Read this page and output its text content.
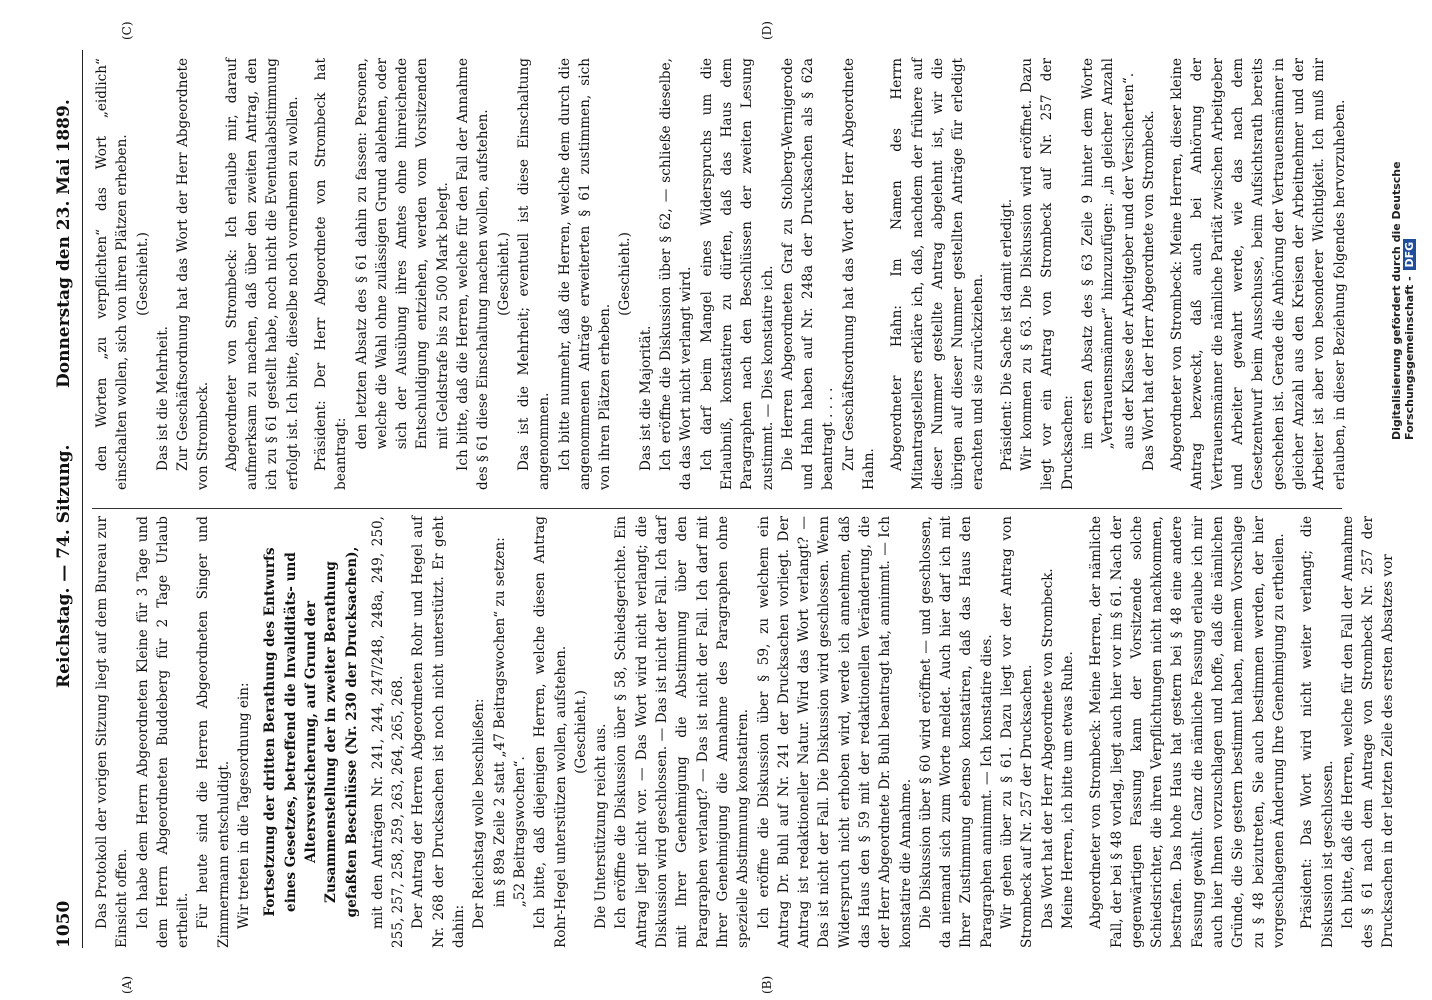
1050
Reichstag. — 74. Sitzung.
Donnerstag den 23. Mai 1889.
(A)	(B)
(C)	(D)

Das Protokoll der vorigen Sitzung liegt auf dem Bureau zur Einsicht offen. Ich habe dem Herrn Abgeordneten Kleine für 3 Tage und dem Herrn Abgeordneten Buddeberg für 2 Tage Urlaub ertheilt. Für heute sind die Herren Abgeordneten Singer und Zimmermann entschuldigt. Wir treten in die Tagesordnung ein: Fortsetzung der dritten Berathung des Entwurfs eines Gesetzes, betreffend die Invaliditäts- und Altersversicherung, auf Grund der Zusammenstellung der in zweiter Berathung gefaßten Beschlüsse (Nr. 230 der Drucksachen), mit den Anträgen Nr. 241, 244, 247/248, 248a, 249, 250, 255, 257, 258, 259, 263, 264, 265, 268. Der Antrag der Herren Abgeordneten Rohr und Hegel auf Nr. 268 der Drucksachen ist noch nicht unterstützt. Er geht dahin: Der Reichstag wolle beschließen: im § 89a Zeile 2 statt „47 Beitragswochen“ zu setzen: „52 Beitragswochen“. Ich bitte, daß diejenigen Herren, welche diesen Antrag Rohr-Hegel unterstützen wollen, aufstehen. (Geschieht.) Die Unterstützung reicht aus. Ich eröffne die Diskussion über § 58, Schiedsgerichte. Ein Antrag liegt nicht vor. — Das Wort wird nicht verlangt; die Diskussion wird geschlossen. — Das ist nicht der Fall. Ich darf mit Ihrer Genehmigung die Abstimmung über den Paragraphen verlangt? — Das ist nicht der Fall. Ich darf mit Ihrer Genehmigung die Annahme des Paragraphen ohne spezielle Abstimmung konstatiren. Ich eröffne die Diskussion über § 59, zu welchem ein Antrag Dr. Buhl auf Nr. 241 der Drucksachen vorliegt. Der Antrag ist redaktioneller Natur. Wird das Wort verlangt? — Das ist nicht der Fall. Die Diskussion wird geschlossen. Wenn Widerspruch nicht erhoben wird, werde ich annehmen, daß das Haus den § 59 mit der redaktionellen Veränderung, die der Herr Abgeordnete Dr. Buhl beantragt hat, annimmt. — Ich konstatire die Annahme. Die Diskussion über § 60 wird eröffnet — und geschlossen, da niemand sich zum Worte meldet. Auch hier darf ich mit Ihrer Zustimmung ebenso konstatiren, daß das Haus den Paragraphen annimmt. — Ich konstatire dies. Wir gehen über zu § 61. Dazu liegt vor der Antrag von Strombeck auf Nr. 257 der Drucksachen. Das Wort hat der Herr Abgeordnete von Strombeck. Meine Herren, ich bitte um etwas Ruhe. Abgeordneter von Strombeck: Meine Herren, der nämliche Fall, der bei § 48 vorlag, liegt auch hier vor im § 61. Nach der gegenwärtigen Fassung kann der Vorsitzende solche Schiedsrichter, die ihren Verpflichtungen nicht nachkommen, bestrafen. Das hohe Haus hat gestern bei § 48 eine andere Fassung gewählt. Ganz die nämliche Fassung erlaube ich mir auch hier Ihnen vorzuschlagen und hoffe, daß die nämlichen Gründe, die Sie gestern bestimmt haben, meinem Vorschlage zu § 48 beizutreten, Sie auch bestimmen werden, der hier vorgeschlagenen Änderung Ihre Genehmigung zu ertheilen. Präsident: Das Wort wird nicht weiter verlangt; die Diskussion ist geschlossen. Ich bitte, daß die Herren, welche für den Fall der Annahme des § 61 nach dem Antrage von Strombeck Nr. 257 der Drucksachen in der letzten Zeile des ersten Absatzes vor

den Worten „zu verpflichten“ das Wort „eidlich“ einschalten wollen, sich von ihren Plätzen erheben. (Geschieht.)

Das ist die Mehrheit. Zur Geschäftsordnung hat das Wort der Herr Abgeordnete von Strombeck. Abgeordneter von Strombeck: Ich erlaube mir, darauf aufmerksam zu machen, daß über den zweiten Antrag, den ich zu § 61 gestellt habe, noch nicht die Eventualabstimmung erfolgt ist. Ich bitte, dieselbe noch vornehmen zu wollen. Präsident: Der Herr Abgeordnete von Strombeck hat beantragt:

den letzten Absatz des § 61 dahin zu fassen: Personen, welche die Wahl ohne zulässigen Grund ablehnen, oder sich der Ausübung ihres Amtes ohne hinreichende Entschuldigung entziehen, werden vom Vorsitzenden mit Geldstrafe bis zu 500 Mark belegt. Ich bitte, daß die Herren, welche für den Fall der Annahme des § 61 diese Einschaltung machen wollen, aufstehen. (Geschieht.) Das ist die Mehrheit; eventuell ist diese Einschaltung angenommen. Ich bitte nunmehr, daß die Herren, welche dem durch die angenommenen Anträge erweiterten § 61 zustimmen, sich von ihren Plätzen erheben.

(Geschieht.)

Das ist die Majorität. Ich eröffne die Diskussion über § 62, — schließe dieselbe, da das Wort nicht verlangt wird. Ich darf beim Mangel eines Widerspruchs um die Erlaubniß, konstatiren zu dürfen, daß das Haus dem Paragraphen nach den Beschlüssen der zweiten Lesung zustimmt. — Dies konstatire ich. Die Herren Abgeordneten Graf zu Stolberg-Wernigerode und Hahn haben auf Nr. 248a der Drucksachen als § 62a beantragt . . . . Zur Geschäftsordnung hat das Wort der Herr Abgeordnete Hahn. Abgeordneter Hahn: Im Namen des Herrn Mitantragstellers erkläre ich, daß, nachdem der frühere auf dieser Nummer gestellte Antrag abgelehnt ist, wir die übrigen auf dieser Nummer gestellten Anträge für erledigt erachten und sie zurückziehen. Präsident: Die Sache ist damit erledigt. Wir kommen zu § 63. Die Diskussion wird eröffnet. Dazu liegt vor ein Antrag von Strombeck auf Nr. 257 der Drucksachen: im ersten Absatz des § 63 Zeile 9 hinter dem Worte „Vertrauensmänner“ hinzuzufügen: „in gleicher Anzahl aus der Klasse der Arbeitgeber und der Versicherten“. Das Wort hat der Herr Abgeordnete von Strombeck. Abgeordneter von Strombeck: Meine Herren, dieser kleine Antrag bezweckt, daß auch bei Anhörung der Vertrauensmänner die nämliche Parität zwischen Arbeitgeber und Arbeiter gewahrt werde, wie das nach dem Gesetzentwurf beim Ausschusse, beim Aufsichtsrath bereits geschehen ist. Gerade die Anhörung der Vertrauensmänner in gleicher Anzahl aus den Kreisen der Arbeitnehmer und der Arbeiter ist aber von besonderer Wichtigkeit. Ich muß mir erlauben, in dieser Beziehung folgendes hervorzuheben.	Digitalisierung gefördert durch die Deutsche Forschungsgemeinschaft - DFG
